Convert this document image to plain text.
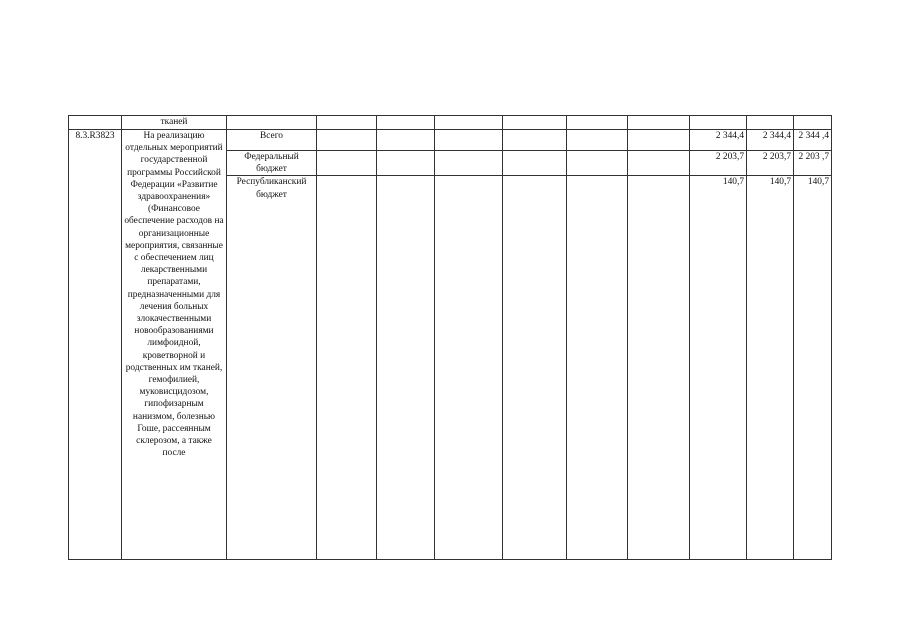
	тканей										
8.3.R3823	На реализацию отдельных мероприятий государственной программы Российской Федерации «Развитие здравоохранения» (Финансовое обеспечение расходов на организационные мероприятия, связанные с обеспечением лиц лекарственными препаратами, предназначенными для лечения больных злокачественными новообразованиями лимфоидной, кроветворной и родственных им тканей, гемофилией, муковисцидозом, гипофизарным нанизмом, болезнью Гоше, рассеянным склерозом, а также после	Всего							2 344,4	2 344,4	2 344 ,4
		Федеральный бюджет							2 203,7	2 203,7	2 203 ,7
		Республиканский бюджет							140,7	140,7	140,7
